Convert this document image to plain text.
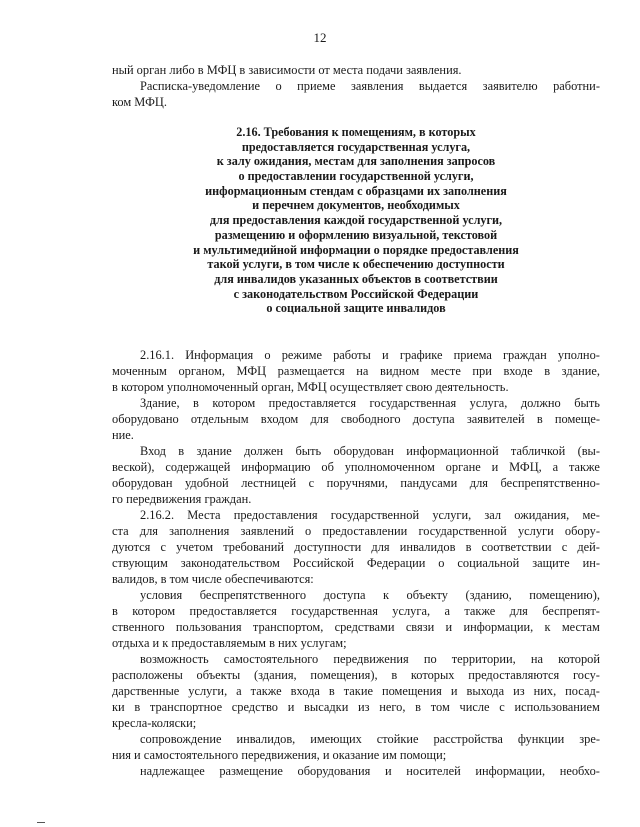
12
ный орган либо в МФЦ в зависимости от места подачи заявления.
Расписка-уведомление о приеме заявления выдается заявителю работни-
ком МФЦ.
2.16. Требования к помещениям, в которых
предоставляется государственная услуга,
к залу ожидания, местам для заполнения запросов
о предоставлении государственной услуги,
информационным стендам с образцами их заполнения
и перечнем документов, необходимых
для предоставления каждой государственной услуги,
размещению и оформлению визуальной, текстовой
и мультимедийной информации о порядке предоставления
такой услуги, в том числе к обеспечению доступности
для инвалидов указанных объектов в соответствии
с законодательством Российской Федерации
о социальной защите инвалидов
2.16.1. Информация о режиме работы и графике приема граждан уполно-
моченным органом, МФЦ размещается на видном месте при входе в здание,
в котором уполномоченный орган, МФЦ осуществляет свою деятельность.
Здание, в котором предоставляется государственная услуга, должно быть
оборудовано отдельным входом для свободного доступа заявителей в помеще-
ние.
Вход в здание должен быть оборудован информационной табличкой (вы-
веской), содержащей информацию об уполномоченном органе и МФЦ, а также
оборудован удобной лестницей с поручнями, пандусами для беспрепятственно-
го передвижения граждан.
2.16.2. Места предоставления государственной услуги, зал ожидания, ме-
ста для заполнения заявлений о предоставлении государственной услуги обору-
дуются с учетом требований доступности для инвалидов в соответствии с дей-
ствующим законодательством Российской Федерации о социальной защите ин-
валидов, в том числе обеспечиваются:
условия беспрепятственного доступа к объекту (зданию, помещению),
в котором предоставляется государственная услуга, а также для беспрепят-
ственного пользования транспортом, средствами связи и информации, к местам
отдыха и к предоставляемым в них услугам;
возможность самостоятельного передвижения по территории, на которой
расположены объекты (здания, помещения), в которых предоставляются госу-
дарственные услуги, а также входа в такие помещения и выхода из них, посад-
ки в транспортное средство и высадки из него, в том числе с использованием
кресла-коляски;
сопровождение инвалидов, имеющих стойкие расстройства функции зре-
ния и самостоятельного передвижения, и оказание им помощи;
надлежащее размещение оборудования и носителей информации, необхо-
